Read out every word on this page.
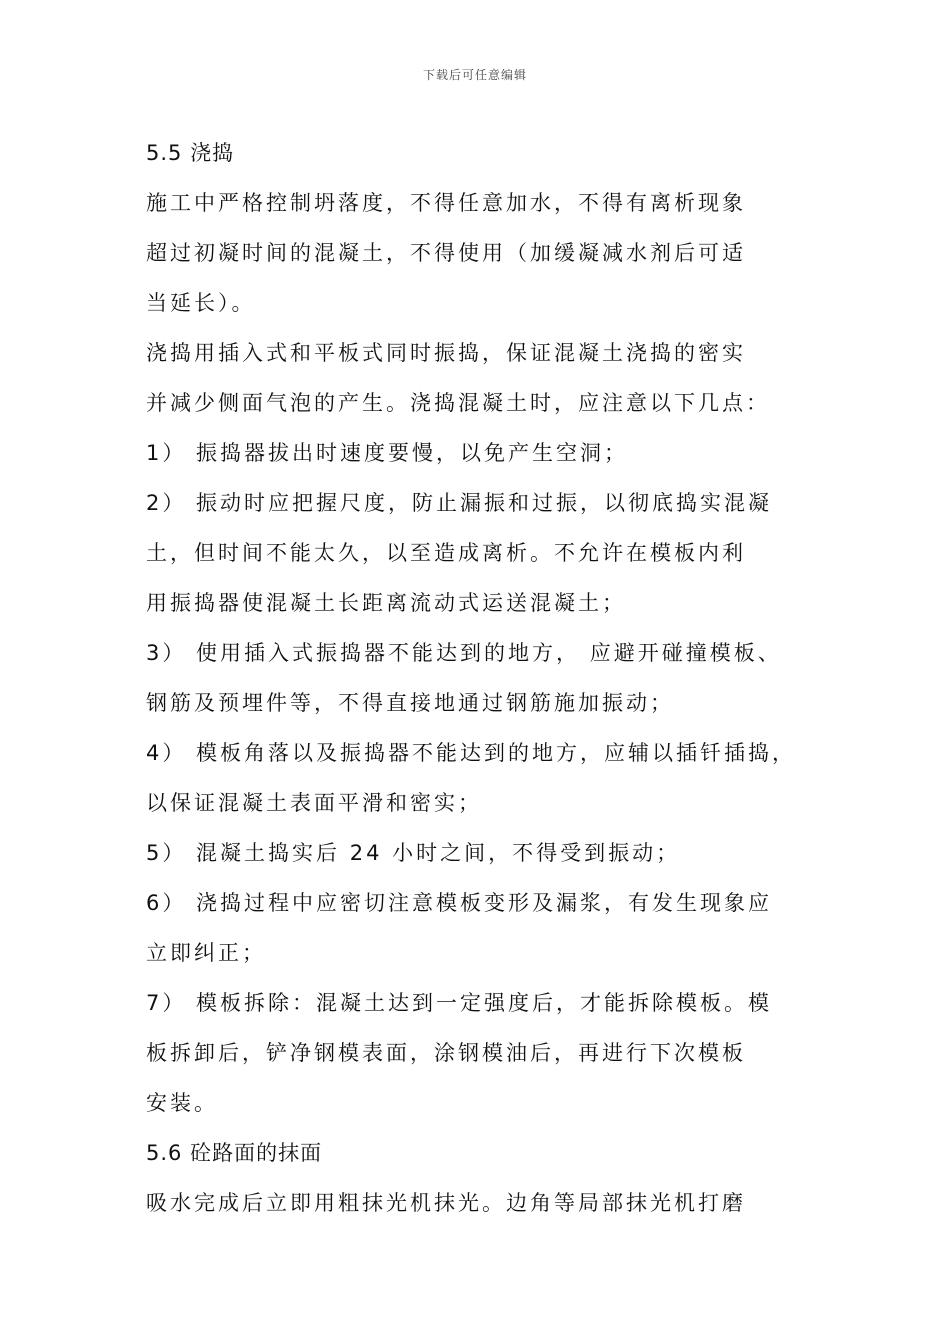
下载后可任意编辑
5.5 浇捣
施工中严格控制坍落度，不得任意加水，不得有离析现象
超过初凝时间的混凝土，不得使用（加缓凝减水剂后可适
当延长）。
浇捣用插入式和平板式同时振捣，保证混凝土浇捣的密实
并减少侧面气泡的产生。浇捣混凝土时，应注意以下几点：
1） 振捣器拔出时速度要慢，以免产生空洞；
2） 振动时应把握尺度，防止漏振和过振，以彻底捣实混凝
土，但时间不能太久，以至造成离析。不允许在模板内利
用振捣器使混凝土长距离流动式运送混凝土；
3） 使用插入式振捣器不能达到的地方， 应避开碰撞模板、
钢筋及预埋件等，不得直接地通过钢筋施加振动；
4） 模板角落以及振捣器不能达到的地方，应辅以插钎插捣，
以保证混凝土表面平滑和密实；
5） 混凝土捣实后 24 小时之间，不得受到振动；
6） 浇捣过程中应密切注意模板变形及漏浆，有发生现象应
立即纠正；
7） 模板拆除：混凝土达到一定强度后，才能拆除模板。模
板拆卸后，铲净钢模表面，涂钢模油后，再进行下次模板
安装。
5.6 砼路面的抹面
吸水完成后立即用粗抹光机抹光。边角等局部抹光机打磨
